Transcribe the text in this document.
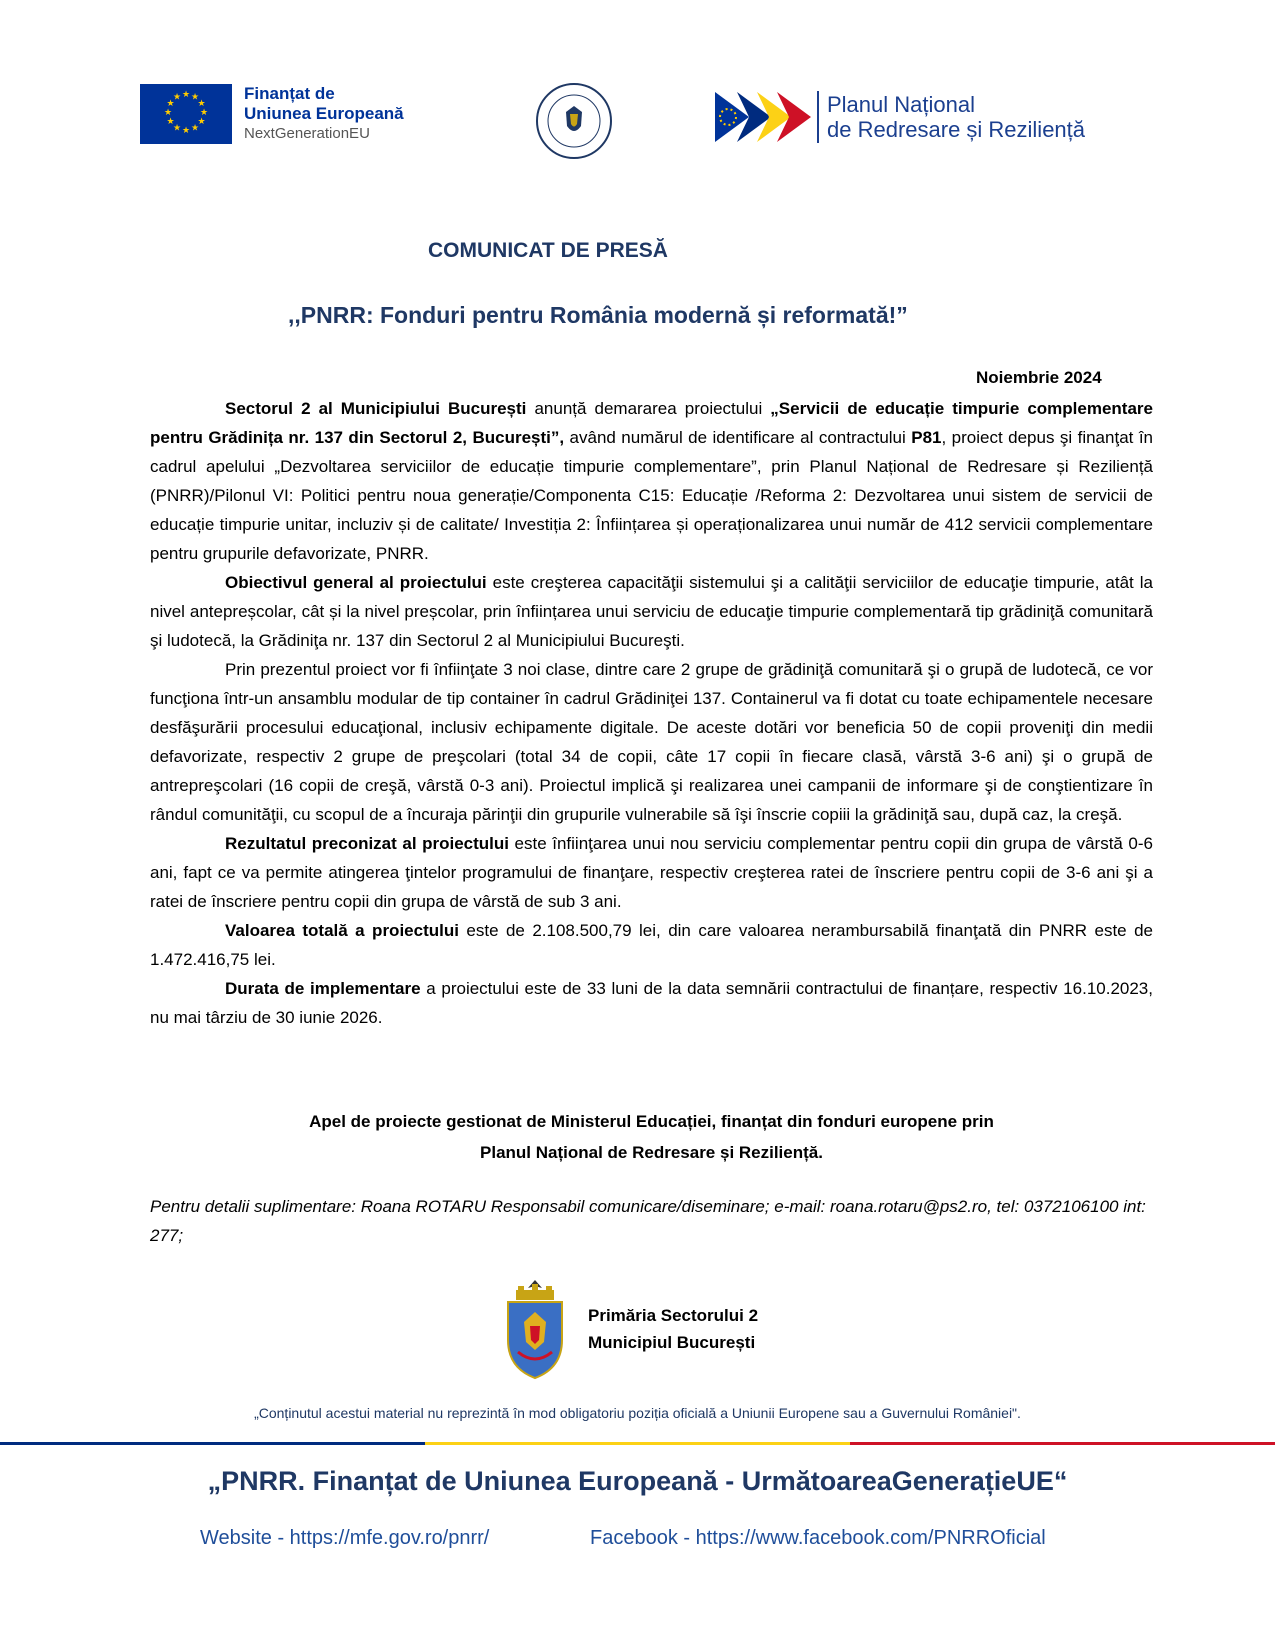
★ ★
★
★
★
★
★
★
★
★
★
★	Finanțat de
Uniunea Europeană
NextGenerationEU
Planul Național
de Redresare și Reziliență
COMUNICAT DE PRESĂ
,,PNRR: Fonduri pentru România modernă și reformată!”
Noiembrie 2024

Sectorul 2 al Municipiului București anunță demararea proiectului „Servicii de educație timpurie complementare pentru Grădinița nr. 137 din Sectorul 2, București”, având numărul de identificare al contractului P81, proiect depus şi finanţat în cadrul apelului „Dezvoltarea serviciilor de educație timpurie complementare”, prin Planul Național de Redresare și Reziliență (PNRR)/Pilonul VI: Politici pentru noua generație/Componenta C15: Educație /Reforma 2: Dezvoltarea unui sistem de servicii de educație timpurie unitar, incluziv și de calitate/ Investiția 2: Înființarea și operaționalizarea unui număr de 412 servicii complementare pentru grupurile defavorizate, PNRR.

Obiectivul general al proiectului este creşterea capacităţii sistemului şi a calităţii serviciilor de educaţie timpurie, atât la nivel antepreșcolar, cât și la nivel preșcolar, prin înființarea unui serviciu de educaţie timpurie complementară tip grădiniţă comunitară şi ludotecă, la Grădiniţa nr. 137 din Sectorul 2 al Municipiului Bucureşti.

Prin prezentul proiect vor fi înfiinţate 3 noi clase, dintre care 2 grupe de grădiniţă comunitară şi o grupă de ludotecă, ce vor funcţiona într-un ansamblu modular de tip container în cadrul Grădiniţei 137. Containerul va fi dotat cu toate echipamentele necesare desfăşurării procesului educaţional, inclusiv echipamente digitale. De aceste dotări vor beneficia 50 de copii proveniţi din medii defavorizate, respectiv 2 grupe de preşcolari (total 34 de copii, câte 17 copii în fiecare clasă, vârstă 3-6 ani) şi o grupă de antrepreşcolari (16 copii de creşă, vârstă 0-3 ani). Proiectul implică şi realizarea unei campanii de informare şi de conştientizare în rândul comunităţii, cu scopul de a încuraja părinţii din grupurile vulnerabile să îşi înscrie copiii la grădiniţă sau, după caz, la creşă.

Rezultatul preconizat al proiectului este înfiinţarea unui nou serviciu complementar pentru copii din grupa de vârstă 0-6 ani, fapt ce va permite atingerea ţintelor programului de finanţare, respectiv creşterea ratei de înscriere pentru copii de 3-6 ani şi a ratei de înscriere pentru copii din grupa de vârstă de sub 3 ani.

Valoarea totală a proiectului este de 2.108.500,79 lei, din care valoarea nerambursabilă finanţată din PNRR este de 1.472.416,75 lei.

Durata de implementare a proiectului este de 33 luni de la data semnării contractului de finanțare, respectiv 16.10.2023, nu mai târziu de 30 iunie 2026.

Apel de proiecte gestionat de Ministerul Educației, finanțat din fonduri europene prin
Planul Național de Redresare și Reziliență.
Pentru detalii suplimentare: Roana ROTARU Responsabil comunicare/diseminare; e-mail: roana.rotaru@ps2.ro, tel: 0372106100 int: 277;
Primăria Sectorului 2
Municipiul București
„Conținutul acestui material nu reprezintă în mod obligatoriu poziția oficială a Uniunii Europene sau a Guvernului României".
„PNRR. Finanțat de Uniunea Europeană - UrmătoareaGenerațieUE“
Website - https://mfe.gov.ro/pnrr/	Facebook - https://www.facebook.com/PNRROficial
